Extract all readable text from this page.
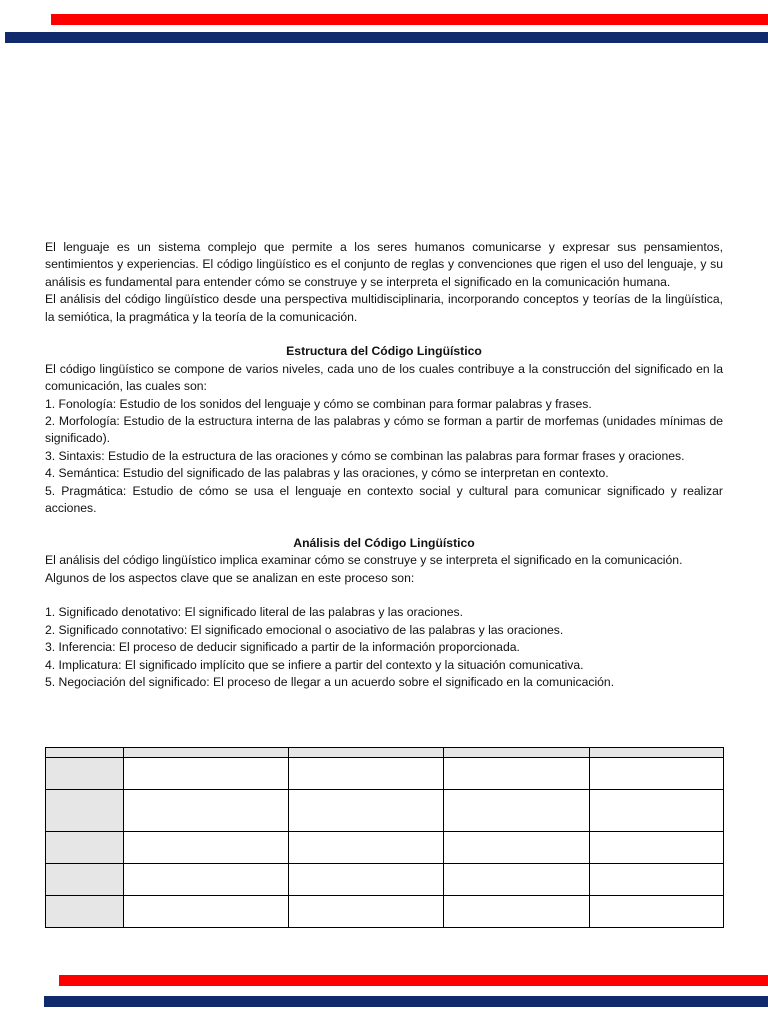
El lenguaje es un sistema complejo que permite a los seres humanos comunicarse y expresar sus pensamientos, sentimientos y experiencias. El código lingüístico es el conjunto de reglas y convenciones que rigen el uso del lenguaje, y su análisis es fundamental para entender cómo se construye y se interpreta el significado en la comunicación humana.

El análisis del código lingüístico desde una perspectiva multidisciplinaria, incorporando conceptos y teorías de la lingüística, la semiótica, la pragmática y la teoría de la comunicación.

Estructura del Código Lingüístico

El código lingüístico se compone de varios niveles, cada uno de los cuales contribuye a la construcción del significado en la comunicación, las cuales son:

1. Fonología: Estudio de los sonidos del lenguaje y cómo se combinan para formar palabras y frases.

2. Morfología: Estudio de la estructura interna de las palabras y cómo se forman a partir de morfemas (unidades mínimas de significado).

3. Sintaxis: Estudio de la estructura de las oraciones y cómo se combinan las palabras para formar frases y oraciones.

4. Semántica: Estudio del significado de las palabras y las oraciones, y cómo se interpretan en contexto.

5. Pragmática: Estudio de cómo se usa el lenguaje en contexto social y cultural para comunicar significado y realizar acciones.

Análisis del Código Lingüístico

El análisis del código lingüístico implica examinar cómo se construye y se interpreta el significado en la comunicación. Algunos de los aspectos clave que se analizan en este proceso son:

1. Significado denotativo: El significado literal de las palabras y las oraciones.

2. Significado connotativo: El significado emocional o asociativo de las palabras y las oraciones.

3. Inferencia: El proceso de deducir significado a partir de la información proporcionada.

4. Implicatura: El significado implícito que se infiere a partir del contexto y la situación comunicativa.

5. Negociación del significado: El proceso de llegar a un acuerdo sobre el significado en la comunicación.
